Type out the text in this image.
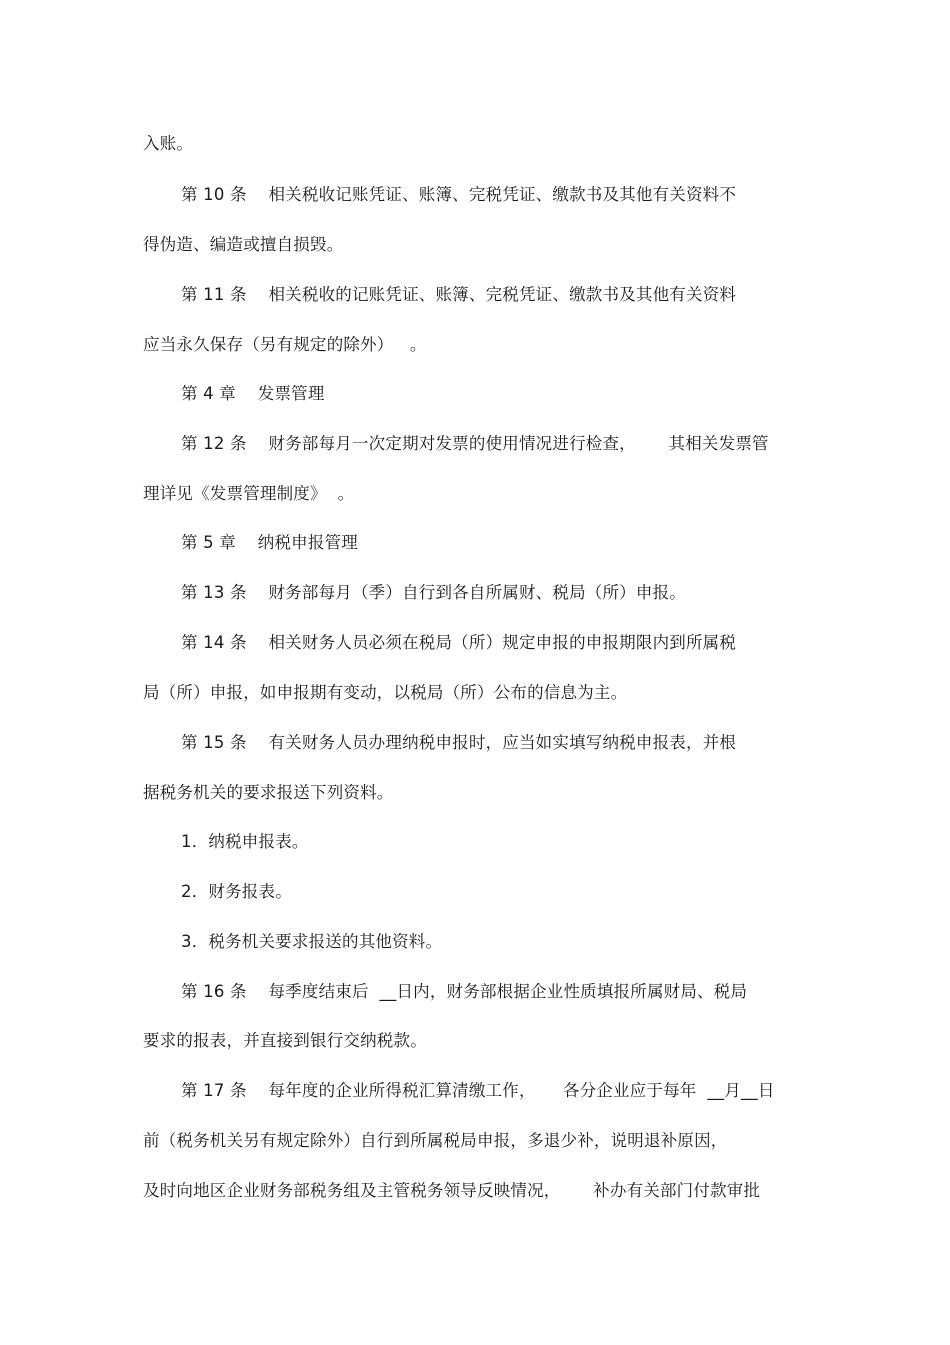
入账。
第 10 条    相关税收记账凭证、账簿、完税凭证、缴款书及其他有关资料不
得伪造、编造或擅自损毁。
第 11 条    相关税收的记账凭证、账簿、完税凭证、缴款书及其他有关资料
应当永久保存（另有规定的除外）   。
第 4 章    发票管理
第 12 条    财务部每月一次定期对发票的使用情况进行检查，      其相关发票管
理详见《发票管理制度》  。
第 5 章    纳税申报管理
第 13 条    财务部每月（季）自行到各自所属财、税局（所）申报。
第 14 条    相关财务人员必须在税局（所）规定申报的申报期限内到所属税
局（所）申报，如申报期有变动，以税局（所）公布的信息为主。
第 15 条    有关财务人员办理纳税申报时，应当如实填写纳税申报表，并根
据税务机关的要求报送下列资料。
1．纳税申报表。
2．财务报表。
3．税务机关要求报送的其他资料。
第 16 条    每季度结束后  __日内，财务部根据企业性质填报所属财局、税局
要求的报表，并直接到银行交纳税款。
第 17 条    每年度的企业所得税汇算清缴工作，     各分企业应于每年  __月__日
前（税务机关另有规定除外）自行到所属税局申报，多退少补，说明退补原因，
及时向地区企业财务部税务组及主管税务领导反映情况，      补办有关部门付款审批
